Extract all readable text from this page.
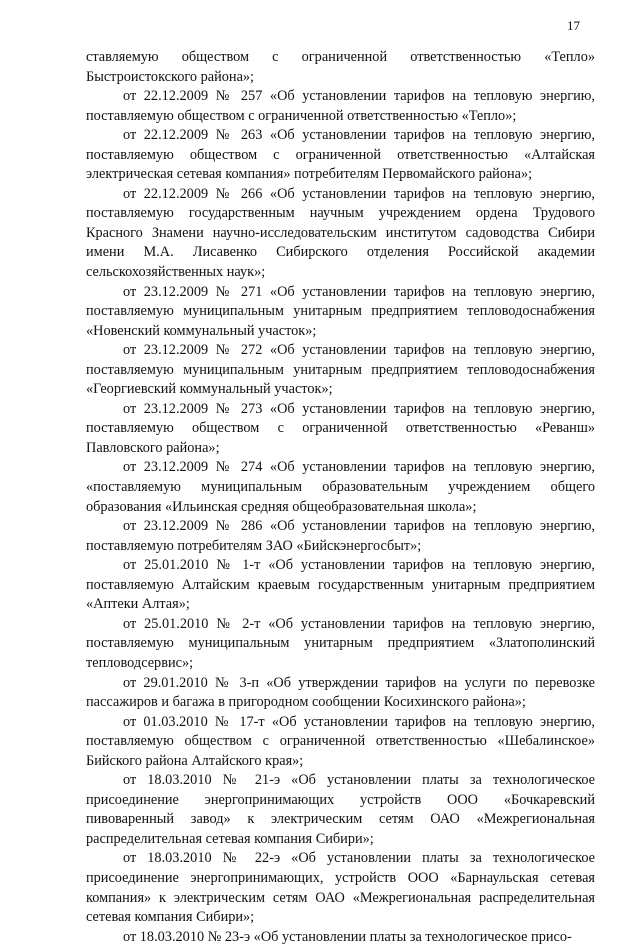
17

ставляемую обществом с ограниченной ответственностью «Тепло» Быстроистокского района»;

от 22.12.2009 № 257 «Об установлении тарифов на тепловую энергию, поставляемую обществом с ограниченной ответственностью «Тепло»;

от 22.12.2009 № 263 «Об установлении тарифов на тепловую энергию, поставляемую обществом с ограниченной ответственностью «Алтайская электрическая сетевая компания» потребителям Первомайского района»;

от 22.12.2009 № 266 «Об установлении тарифов на тепловую энергию, поставляемую государственным научным учреждением ордена Трудового Красного Знамени научно-исследовательским институтом садоводства Сибири имени М.А. Лисавенко Сибирского отделения Российской академии сельскохозяйственных наук»;

от 23.12.2009 № 271 «Об установлении тарифов на тепловую энергию, поставляемую муниципальным унитарным предприятием тепловодоснабжения «Новенский коммунальный участок»;

от 23.12.2009 № 272 «Об установлении тарифов на тепловую энергию, поставляемую муниципальным унитарным предприятием тепловодоснабжения «Георгиевский коммунальный участок»;

от 23.12.2009 № 273 «Об установлении тарифов на тепловую энергию, поставляемую обществом с ограниченной ответственностью «Реванш» Павловского района»;

от 23.12.2009 № 274 «Об установлении тарифов на тепловую энергию, «поставляемую муниципальным образовательным учреждением общего образования «Ильинская средняя общеобразовательная школа»;

от 23.12.2009 № 286 «Об установлении тарифов на тепловую энергию, поставляемую потребителям ЗАО «Бийскэнергосбыт»;

от 25.01.2010 № 1-т «Об установлении тарифов на тепловую энергию, поставляемую Алтайским краевым государственным унитарным предприятием «Аптеки Алтая»;

от 25.01.2010 № 2-т «Об установлении тарифов на тепловую энергию, поставляемую муниципальным унитарным предприятием «Златополинский тепловодсервис»;

от 29.01.2010 № 3-п «Об утверждении тарифов на услуги по перевозке пассажиров и багажа в пригородном сообщении Косихинского района»;

от 01.03.2010 № 17-т «Об установлении тарифов на тепловую энергию, поставляемую обществом с ограниченной ответственностью «Шебалинское» Бийского района Алтайского края»;

от 18.03.2010 № 21-э «Об установлении платы за технологическое присоединение энергопринимающих устройств ООО «Бочкаревский пивоваренный завод» к электрическим сетям ОАО «Межрегиональная распределительная сетевая компания Сибири»;

от 18.03.2010 № 22-э «Об установлении платы за технологическое присоединение энергопринимающих, устройств ООО «Барнаульская сетевая компания» к электрическим сетям ОАО «Межрегиональная распределительная сетевая компания Сибири»;

от 18.03.2010 № 23-э «Об установлении платы за технологическое присо-
